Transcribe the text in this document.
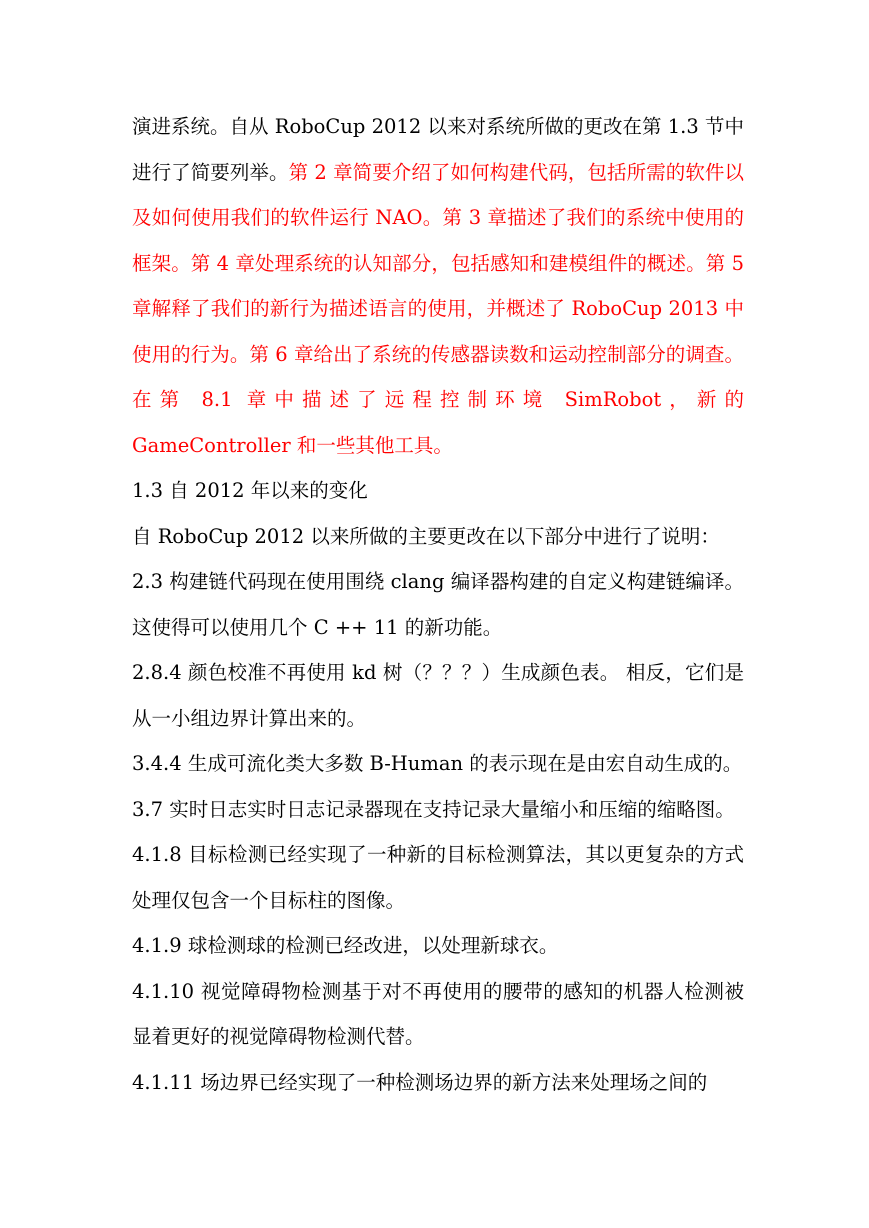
演进系统。自从 RoboCup 2012 以来对系统所做的更改在第 1.3 节中进行了简要列举。第 2 章简要介绍了如何构建代码，包括所需的软件以及如何使用我们的软件运行 NAO。第 3 章描述了我们的系统中使用的框架。第 4 章处理系统的认知部分，包括感知和建模组件的概述。第 5 章解释了我们的新行为描述语言的使用，并概述了 RoboCup 2013 中使用的行为。第 6 章给出了系统的传感器读数和运动控制部分的调查。在第 8.1 章中描述了远程控制环境 SimRobot，新的 GameController 和一些其他工具。

1.3 自 2012 年以来的变化

自 RoboCup 2012 以来所做的主要更改在以下部分中进行了说明：

2.3 构建链代码现在使用围绕 clang 编译器构建的自定义构建链编译。这使得可以使用几个 C ++ 11 的新功能。

2.8.4 颜色校准不再使用 kd 树（？？？）生成颜色表。 相反，它们是从一小组边界计算出来的。

3.4.4 生成可流化类大多数 B-Human 的表示现在是由宏自动生成的。

3.7 实时日志实时日志记录器现在支持记录大量缩小和压缩的缩略图。

4.1.8 目标检测已经实现了一种新的目标检测算法，其以更复杂的方式处理仅包含一个目标柱的图像。

4.1.9 球检测球的检测已经改进，以处理新球衣。

4.1.10 视觉障碍物检测基于对不再使用的腰带的感知的机器人检测被显着更好的视觉障碍物检测代替。

4.1.11 场边界已经实现了一种检测场边界的新方法来处理场之间的
